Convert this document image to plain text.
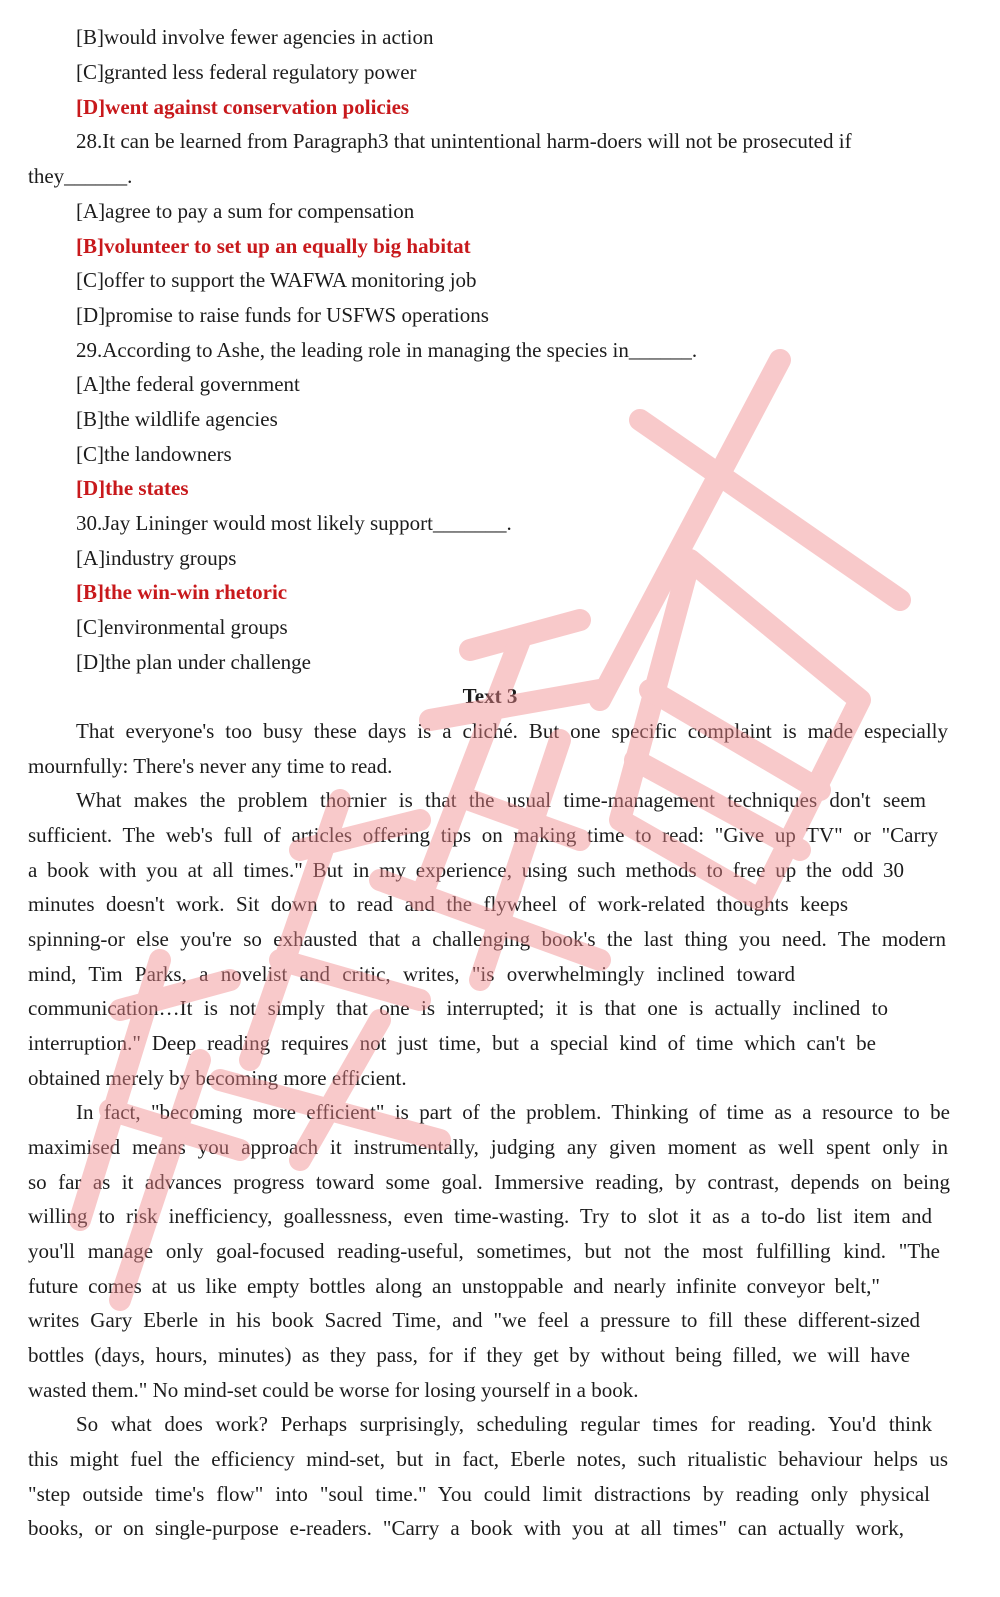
[B]would involve fewer agencies in action
[C]granted less federal regulatory power
[D]went against conservation policies
28.It can be learned from Paragraph3 that unintentional harm-doers will not be prosecuted if
they______.
[A]agree to pay a sum for compensation
[B]volunteer to set up an equally big habitat
[C]offer to support the WAFWA monitoring job
[D]promise to raise funds for USFWS operations
29.According to Ashe, the leading role in managing the species in______.
[A]the federal government
[B]the wildlife agencies
[C]the landowners
[D]the states
30.Jay Lininger would most likely support_______.
[A]industry groups
[B]the win-win rhetoric
[C]environmental groups
[D]the plan under challenge
Text 3
That everyone's too busy these days is a cliché. But one specific complaint is made especially
mournfully: There's never any time to read.
What makes the problem thornier is that the usual time-management techniques don't seem
sufficient. The web's full of articles offering tips on making time to read: "Give up TV" or "Carry
a book with you at all times." But in my experience, using such methods to free up the odd 30
minutes doesn't work. Sit down to read and the flywheel of work-related thoughts keeps
spinning-or else you're so exhausted that a challenging book's the last thing you need. The modern
mind, Tim Parks, a novelist and critic, writes, "is overwhelmingly inclined toward
communication…It is not simply that one is interrupted; it is that one is actually inclined to
interruption." Deep reading requires not just time, but a special kind of time which can't be
obtained merely by becoming more efficient.
In fact, "becoming more efficient" is part of the problem. Thinking of time as a resource to be
maximised means you approach it instrumentally, judging any given moment as well spent only in
so far as it advances progress toward some goal. Immersive reading, by contrast, depends on being
willing to risk inefficiency, goallessness, even time-wasting. Try to slot it as a to-do list item and
you'll manage only goal-focused reading-useful, sometimes, but not the most fulfilling kind. "The
future comes at us like empty bottles along an unstoppable and nearly infinite conveyor belt,"
writes Gary Eberle in his book Sacred Time, and "we feel a pressure to fill these different-sized
bottles (days, hours, minutes) as they pass, for if they get by without being filled, we will have
wasted them." No mind-set could be worse for losing yourself in a book.
So what does work? Perhaps surprisingly, scheduling regular times for reading. You'd think
this might fuel the efficiency mind-set, but in fact, Eberle notes, such ritualistic behaviour helps us
"step outside time's flow" into "soul time." You could limit distractions by reading only physical
books, or on single-purpose e-readers. "Carry a book with you at all times" can actually work,
